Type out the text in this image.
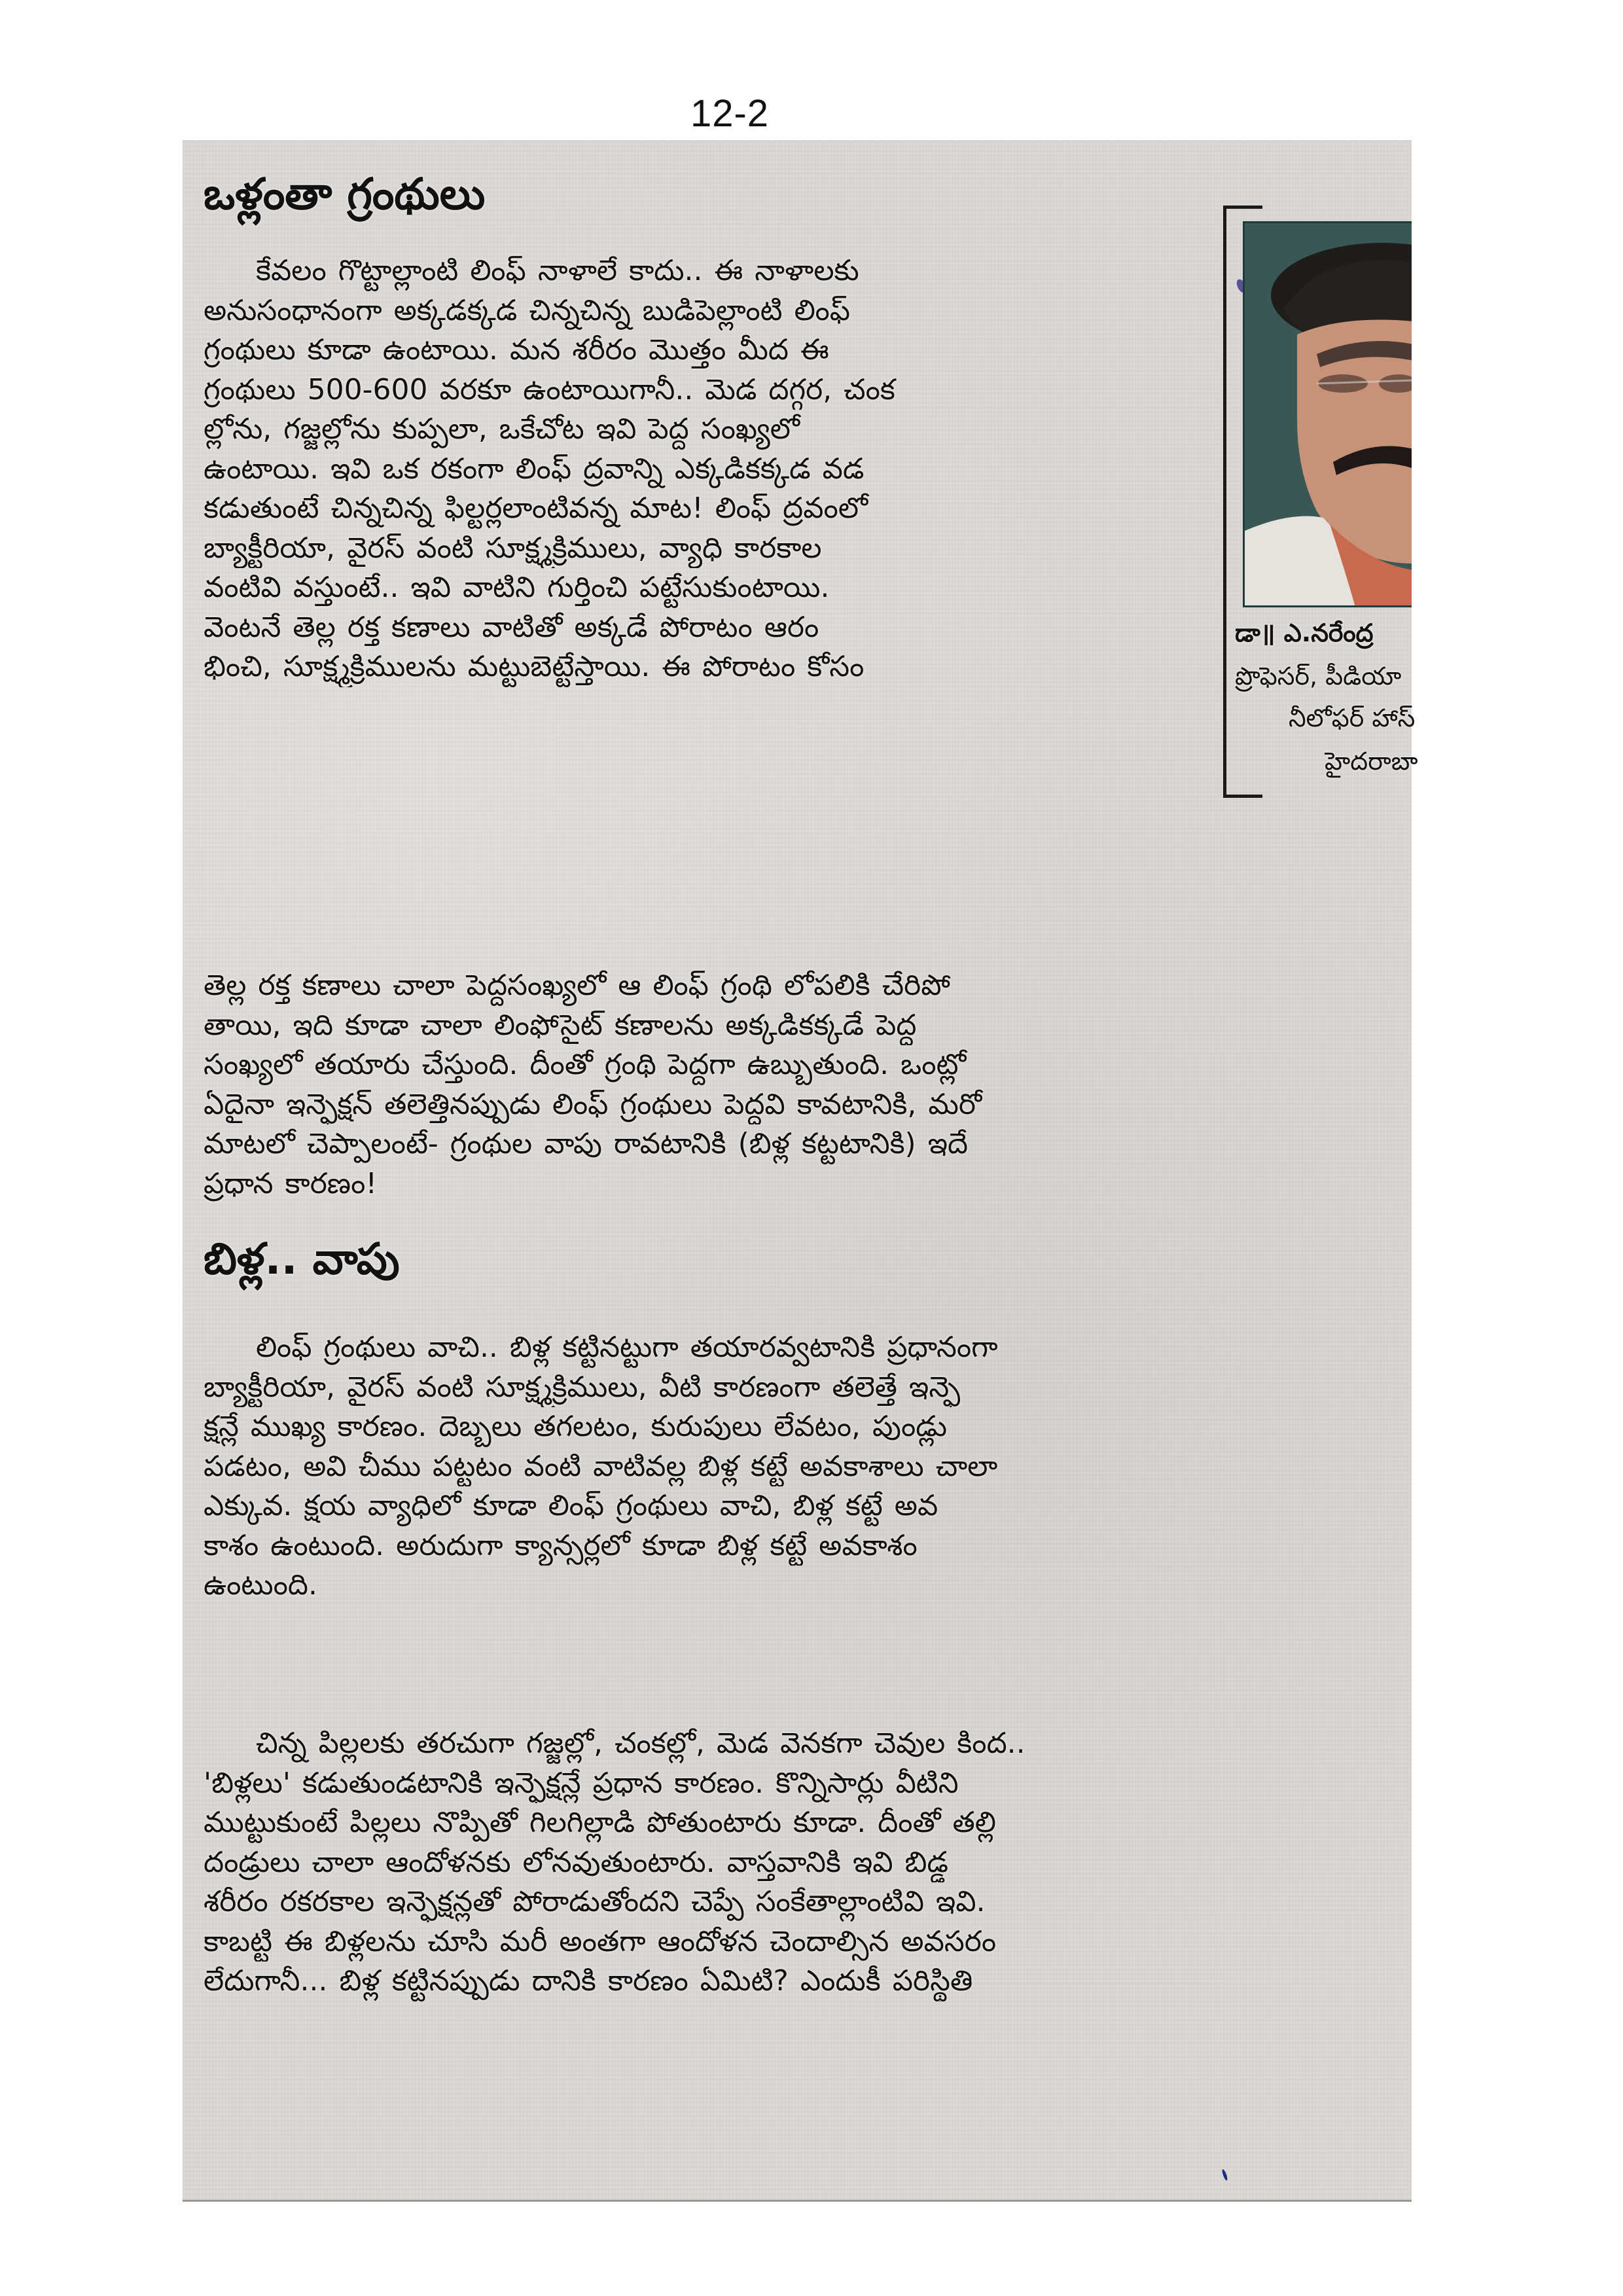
12-2
ఒళ్లంతా గ్రంథులు
కేవలం గొట్టాల్లాంటి లింఫ్ నాళాలే కాదు.. ఈ నాళాలకు
అనుసంధానంగా అక్కడక్కడ చిన్నచిన్న బుడిపెల్లాంటి లింఫ్
గ్రంథులు కూడా ఉంటాయి. మన శరీరం మొత్తం మీద ఈ
గ్రంథులు 500-600 వరకూ ఉంటాయిగానీ.. మెడ దగ్గర, చంక
ల్లోను, గజ్జల్లోను కుప్పలా, ఒకేచోట ఇవి పెద్ద సంఖ్యలో
ఉంటాయి. ఇవి ఒక రకంగా లింఫ్ ద్రవాన్ని ఎక్కడికక్కడ వడ
కడుతుంటే చిన్నచిన్న ఫిల్టర్లలాంటివన్న మాట! లింఫ్ ద్రవంలో
బ్యాక్టీరియా, వైరస్ వంటి సూక్ష్మక్రిములు, వ్యాధి కారకాల
వంటివి వస్తుంటే.. ఇవి వాటిని గుర్తించి పట్టేసుకుంటాయి.
వెంటనే తెల్ల రక్త కణాలు వాటితో అక్కడే పోరాటం ఆరం
భించి, సూక్ష్మక్రిములను మట్టుబెట్టేస్తాయి. ఈ పోరాటం కోసం
డా॥ ఎ.నరేంద్ర
ప్రొఫెసర్, పీడియా
నీలోఫర్ హాస్
హైదరాబా
తెల్ల రక్త కణాలు చాలా పెద్దసంఖ్యలో ఆ లింఫ్ గ్రంథి లోపలికి చేరిపో
తాయి, ఇది కూడా చాలా లింఫోసైట్ కణాలను అక్కడికక్కడే పెద్ద
సంఖ్యలో తయారు చేస్తుంది. దీంతో గ్రంథి పెద్దగా ఉబ్బుతుంది. ఒంట్లో
ఏదైనా ఇన్ఫెక్షన్ తలెత్తినప్పుడు లింఫ్ గ్రంథులు పెద్దవి కావటానికి, మరో
మాటలో చెప్పాలంటే- గ్రంథుల వాపు రావటానికి (బిళ్ల కట్టటానికి) ఇదే
ప్రధాన కారణం!
బిళ్ల.. వాపు
లింఫ్ గ్రంథులు వాచి.. బిళ్ల కట్టినట్టుగా తయారవ్వటానికి ప్రధానంగా
బ్యాక్టీరియా, వైరస్ వంటి సూక్ష్మక్రిములు, వీటి కారణంగా తలెత్తే ఇన్ఫె
క్షన్లే ముఖ్య కారణం. దెబ్బలు తగలటం, కురుపులు లేవటం, పుండ్లు
పడటం, అవి చీము పట్టటం వంటి వాటివల్ల బిళ్ల కట్టే అవకాశాలు చాలా
ఎక్కువ. క్షయ వ్యాధిలో కూడా లింఫ్ గ్రంథులు వాచి, బిళ్ల కట్టే అవ
కాశం ఉంటుంది. అరుదుగా క్యాన్సర్లలో కూడా బిళ్ల కట్టే అవకాశం
ఉంటుంది.
చిన్న పిల్లలకు తరచుగా గజ్జల్లో, చంకల్లో, మెడ వెనకగా చెవుల కింద..
'బిళ్లలు' కడుతుండటానికి ఇన్ఫెక్షన్లే ప్రధాన కారణం. కొన్నిసార్లు వీటిని
ముట్టుకుంటే పిల్లలు నొప్పితో గిలగిల్లాడి పోతుంటారు కూడా. దీంతో తల్లి
దండ్రులు చాలా ఆందోళనకు లోనవుతుంటారు. వాస్తవానికి ఇవి బిడ్డ
శరీరం రకరకాల ఇన్ఫెక్షన్లతో పోరాడుతోందని చెప్పే సంకేతాల్లాంటివి ఇవి.
కాబట్టి ఈ బిళ్లలను చూసి మరీ అంతగా ఆందోళన చెందాల్సిన అవసరం
లేదుగానీ... బిళ్ల కట్టినప్పుడు దానికి కారణం ఏమిటి? ఎందుకీ పరిస్థితి
